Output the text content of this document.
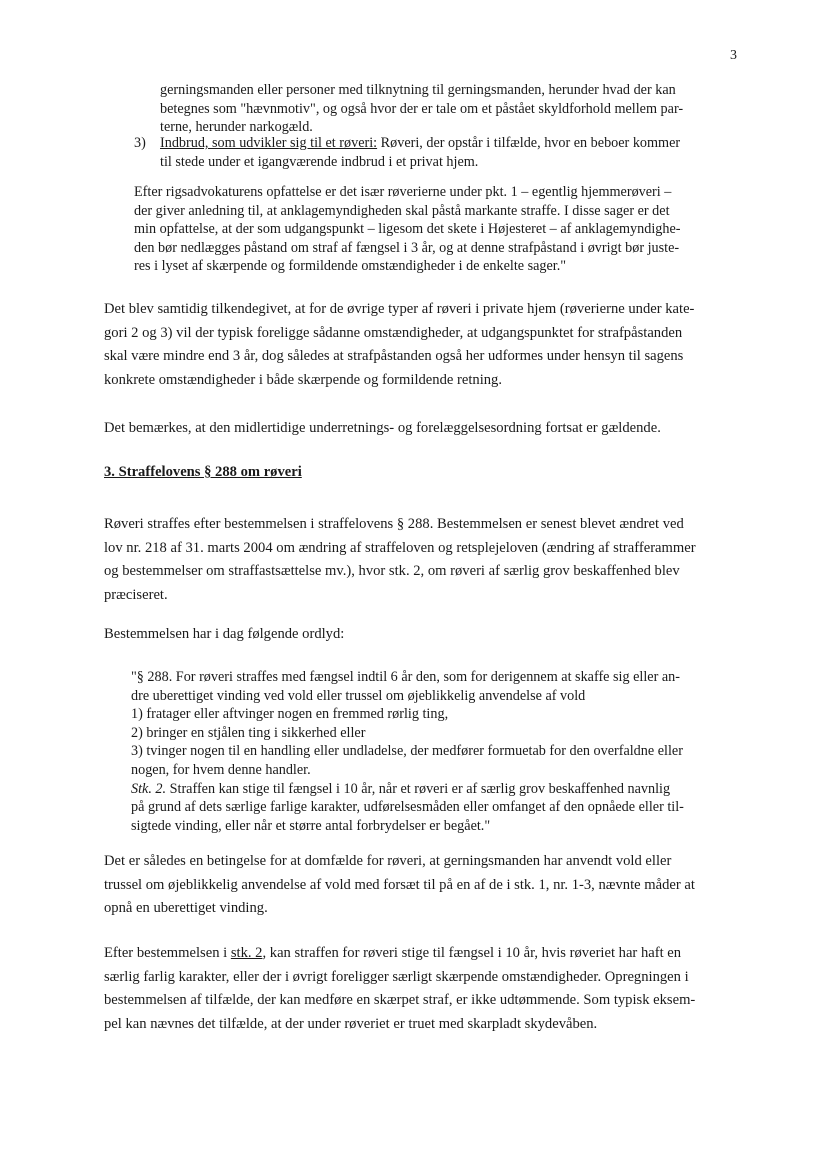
3
gerningsmanden eller personer med tilknytning til gerningsmanden, herunder hvad der kan
betegnes som "hævnmotiv", og også hvor der er tale om et påstået skyldforhold mellem par-
terne, herunder narkogæld.
3) Indbrud, som udvikler sig til et røveri: Røveri, der opstår i tilfælde, hvor en beboer kommer
til stede under et igangværende indbrud i et privat hjem.
Efter rigsadvokaturens opfattelse er det især røverierne under pkt. 1 – egentlig hjemmerøveri –
der giver anledning til, at anklagemyndigheden skal påstå markante straffe. I disse sager er det
min opfattelse, at der som udgangspunkt – ligesom det skete i Højesteret – af anklagemyndighe-
den bør nedlægges påstand om straf af fængsel i 3 år, og at denne strafpåstand i øvrigt bør juste-
res i lyset af skærpende og formildende omstændigheder i de enkelte sager."
Det blev samtidig tilkendegivet, at for de øvrige typer af røveri i private hjem (røverierne under kate-
gori 2 og 3) vil der typisk foreligge sådanne omstændigheder, at udgangspunktet for strafpåstanden
skal være mindre end 3 år, dog således at strafpåstanden også her udformes under hensyn til sagens
konkrete omstændigheder i både skærpende og formildende retning.
Det bemærkes, at den midlertidige underretnings- og forelæggelsesordning fortsat er gældende.
3. Straffelovens § 288 om røveri
Røveri straffes efter bestemmelsen i straffelovens § 288. Bestemmelsen er senest blevet ændret ved
lov nr. 218 af 31. marts 2004 om ændring af straffeloven og retsplejeloven (ændring af strafferammer
og bestemmelser om straffastsættelse mv.), hvor stk. 2, om røveri af særlig grov beskaffenhed blev
præciseret.
Bestemmelsen har i dag følgende ordlyd:
"§ 288. For røveri straffes med fængsel indtil 6 år den, som for derigennem at skaffe sig eller an-
dre uberettiget vinding ved vold eller trussel om øjeblikkelig anvendelse af vold
1) fratager eller aftvinger nogen en fremmed rørlig ting,
2) bringer en stjålen ting i sikkerhed eller
3) tvinger nogen til en handling eller undladelse, der medfører formuetab for den overfaldne eller
nogen, for hvem denne handler.
Stk. 2. Straffen kan stige til fængsel i 10 år, når et røveri er af særlig grov beskaffenhed navnlig
på grund af dets særlige farlige karakter, udførelsesmåden eller omfanget af den opnåede eller til-
sigtede vinding, eller når et større antal forbrydelser er begået."
Det er således en betingelse for at domfælde for røveri, at gerningsmanden har anvendt vold eller
trussel om øjeblikkelig anvendelse af vold med forsæt til på en af de i stk. 1, nr. 1-3, nævnte måder at
opnå en uberettiget vinding.
Efter bestemmelsen i stk. 2, kan straffen for røveri stige til fængsel i 10 år, hvis røveriet har haft en
særlig farlig karakter, eller der i øvrigt foreligger særligt skærpende omstændigheder. Opregningen i
bestemmelsen af tilfælde, der kan medføre en skærpet straf, er ikke udtømmende. Som typisk eksem-
pel kan nævnes det tilfælde, at der under røveriet er truet med skarpladt skydevåben.
